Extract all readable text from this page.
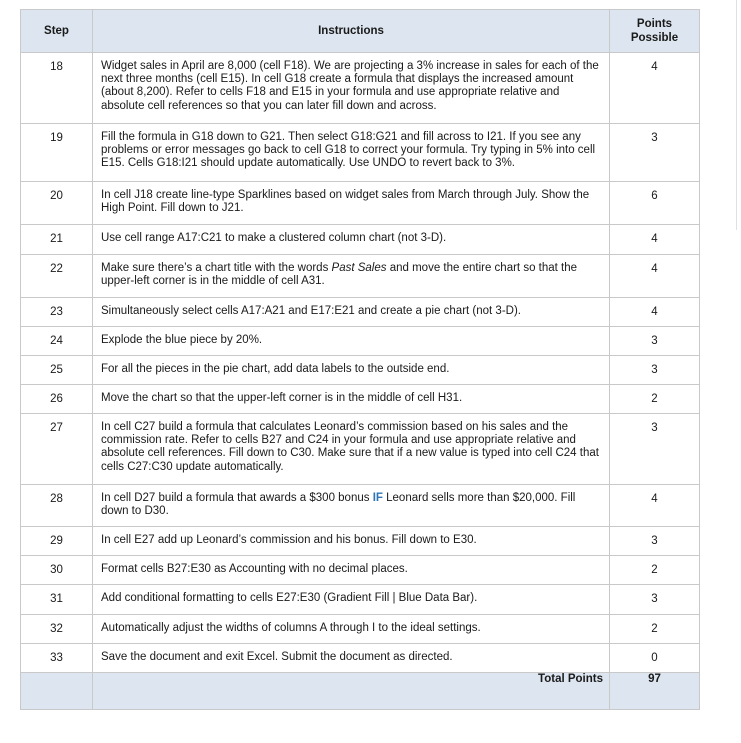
Step	Instructions	Points
Possible
18	Widget sales in April are 8,000 (cell F18). We are projecting a 3% increase in sales for each of the next three months (cell E15). In cell G18 create a formula that displays the increased amount (about 8,200). Refer to cells F18 and E15 in your formula and use appropriate relative and absolute cell references so that you can later fill down and across.	4
19	Fill the formula in G18 down to G21. Then select G18:G21 and fill across to I21. If you see any problems or error messages go back to cell G18 to correct your formula. Try typing in 5% into cell E15. Cells G18:I21 should update automatically. Use UNDO to revert back to 3%.	3
20	In cell J18 create line-type Sparklines based on widget sales from March through July. Show the High Point. Fill down to J21.	6
21	Use cell range A17:C21 to make a clustered column chart (not 3-D).	4
22	Make sure there’s a chart title with the words Past Sales and move the entire chart so that the upper-left corner is in the middle of cell A31.	4
23	Simultaneously select cells A17:A21 and E17:E21 and create a pie chart (not 3-D).	4
24	Explode the blue piece by 20%.	3
25	For all the pieces in the pie chart, add data labels to the outside end.	3
26	Move the chart so that the upper-left corner is in the middle of cell H31.	2
27	In cell C27 build a formula that calculates Leonard’s commission based on his sales and the commission rate. Refer to cells B27 and C24 in your formula and use appropriate relative and absolute cell references. Fill down to C30. Make sure that if a new value is typed into cell C24 that cells C27:C30 update automatically.	3
28	In cell D27 build a formula that awards a $300 bonus IF Leonard sells more than $20,000. Fill down to D30.	4
29	In cell E27 add up Leonard’s commission and his bonus. Fill down to E30.	3
30	Format cells B27:E30 as Accounting with no decimal places.	2
31	Add conditional formatting to cells E27:E30 (Gradient Fill | Blue Data Bar).	3
32	Automatically adjust the widths of columns A through I to the ideal settings.	2
33	Save the document and exit Excel. Submit the document as directed.	0
	Total Points	97
